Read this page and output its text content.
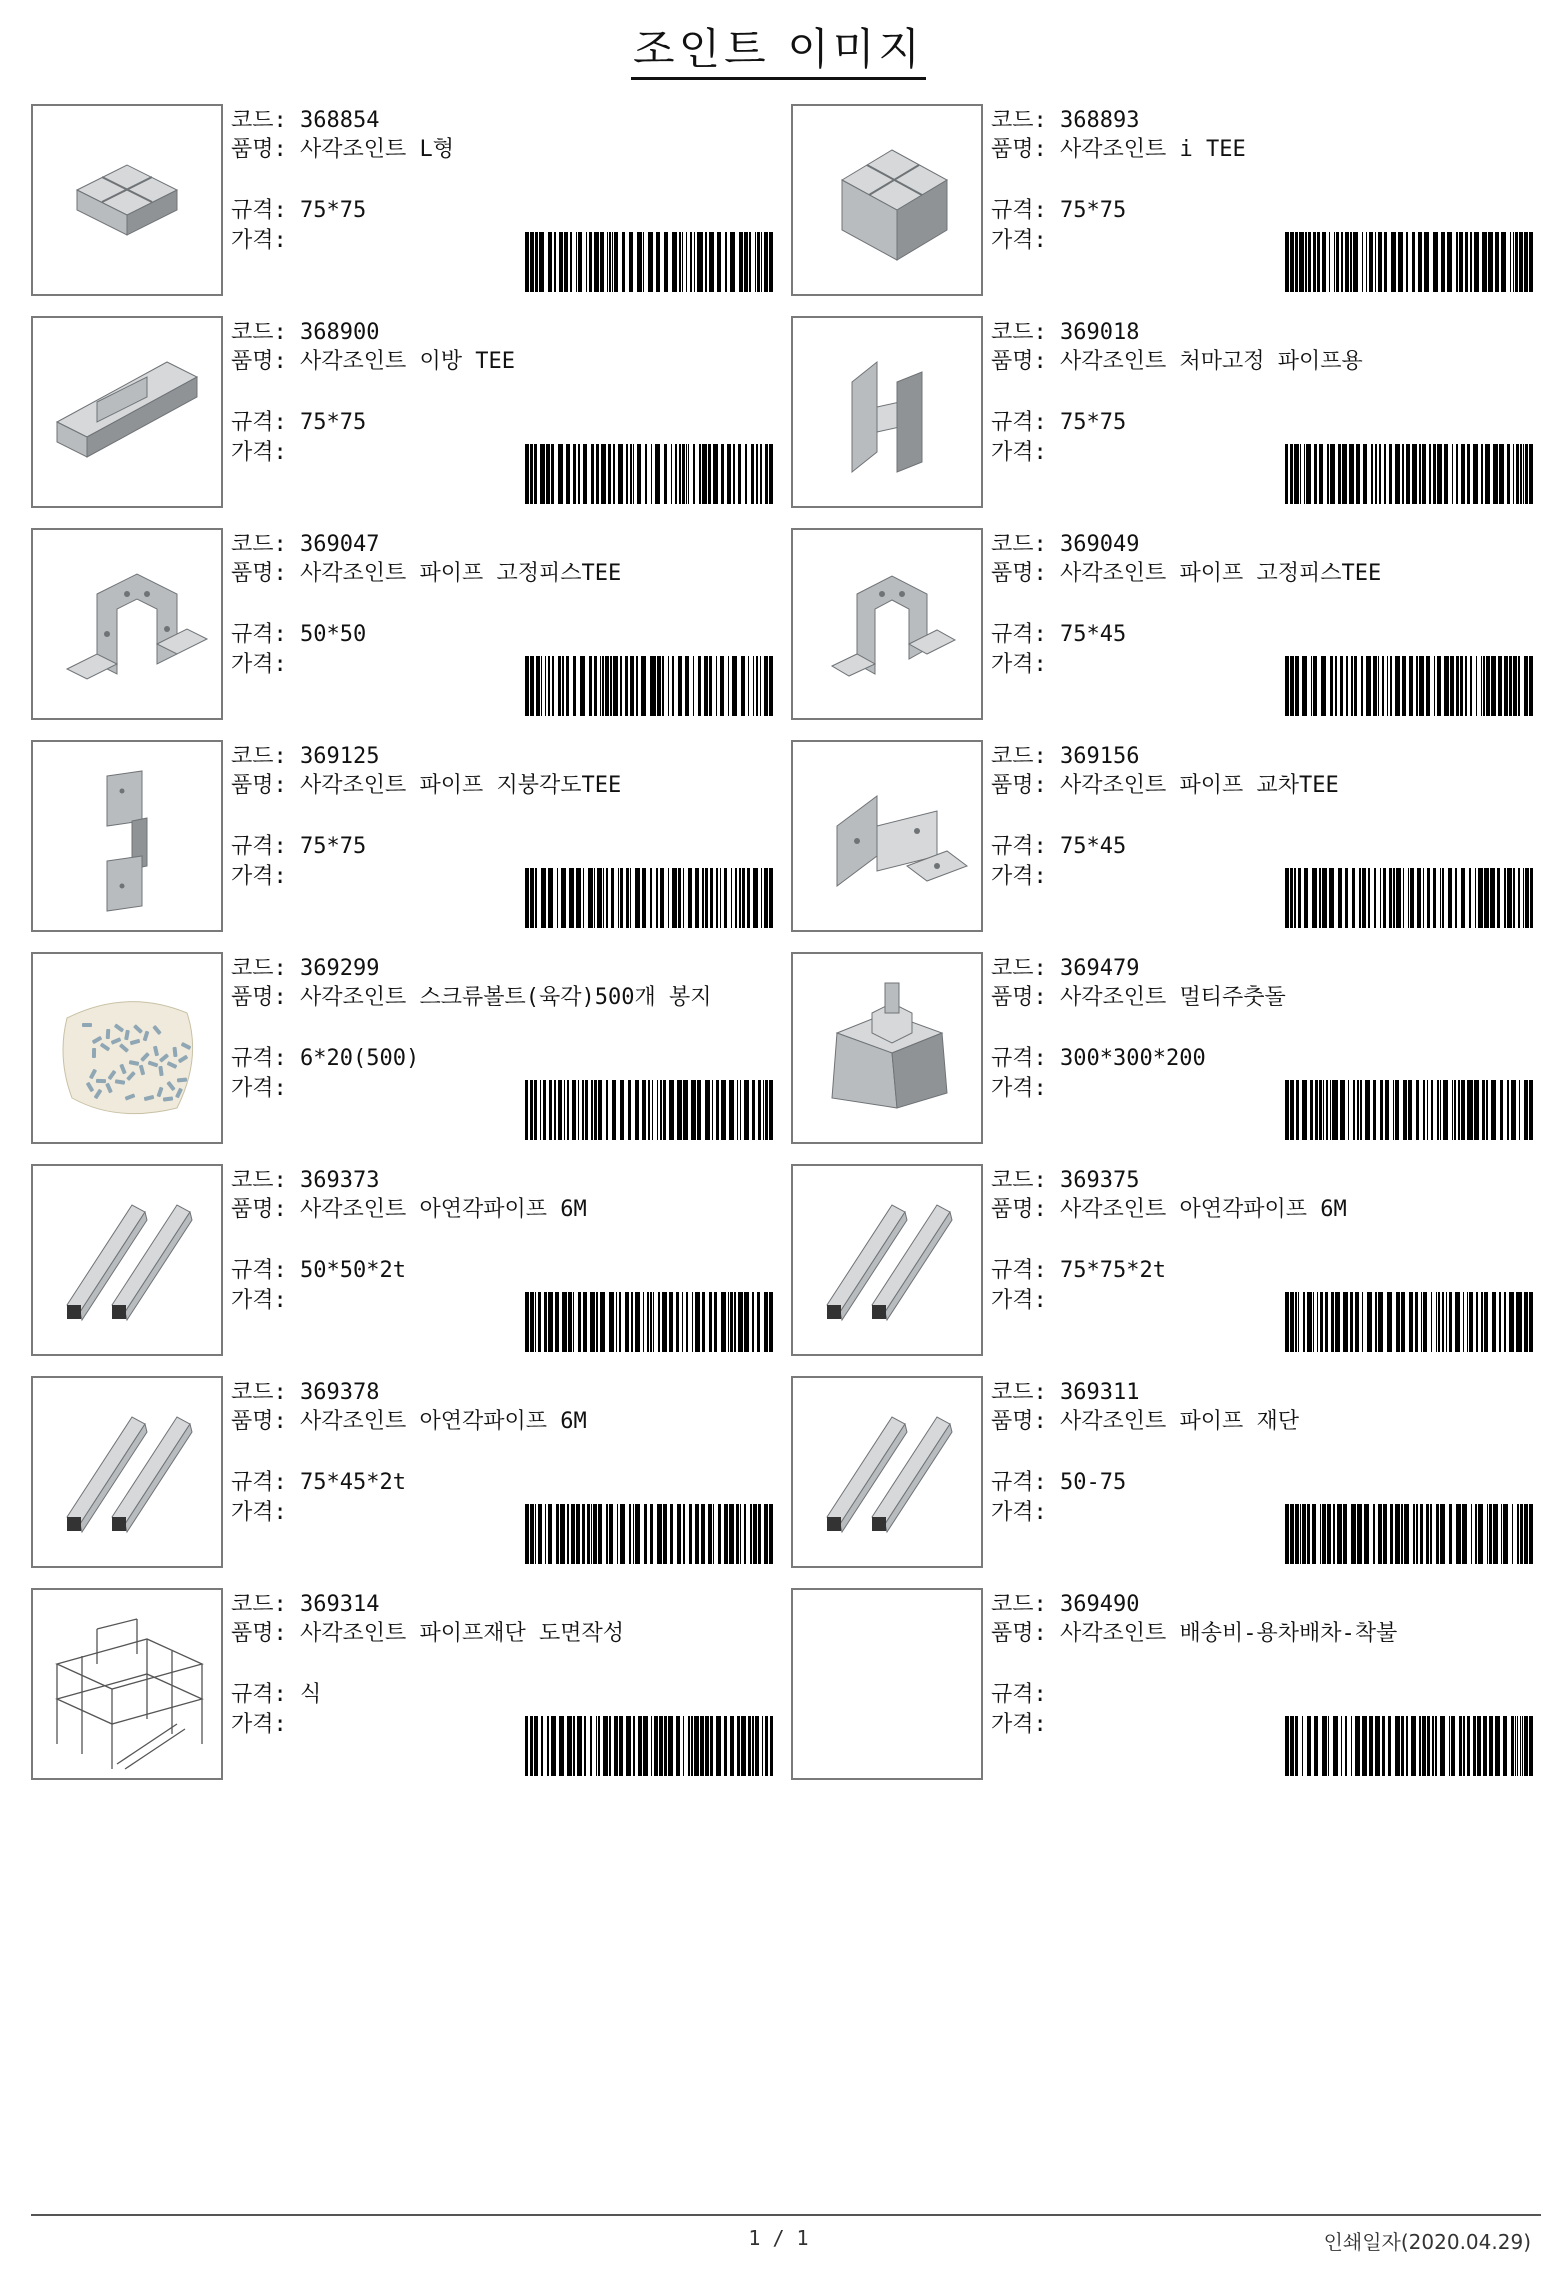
조인트 이미지
코드: 368854
품명: 사각조인트 L형
규격: 75*75
가격:
코드: 368893
품명: 사각조인트 i TEE
규격: 75*75
가격:
코드: 368900
품명: 사각조인트 이방 TEE
규격: 75*75
가격:
코드: 369018
품명: 사각조인트 처마고정 파이프용
규격: 75*75
가격:
코드: 369047
품명: 사각조인트 파이프 고정피스TEE
규격: 50*50
가격:
코드: 369049
품명: 사각조인트 파이프 고정피스TEE
규격: 75*45
가격:
코드: 369125
품명: 사각조인트 파이프 지붕각도TEE
규격: 75*75
가격:
코드: 369156
품명: 사각조인트 파이프 교차TEE
규격: 75*45
가격:
코드: 369299
품명: 사각조인트 스크류볼트(육각)500개 봉지
규격: 6*20(500)
가격:
코드: 369479
품명: 사각조인트 멀티주춧돌
규격: 300*300*200
가격:
코드: 369373
품명: 사각조인트 아연각파이프 6M
규격: 50*50*2t
가격:
코드: 369375
품명: 사각조인트 아연각파이프 6M
규격: 75*75*2t
가격:
코드: 369378
품명: 사각조인트 아연각파이프 6M
규격: 75*45*2t
가격:
코드: 369311
품명: 사각조인트 파이프 재단
규격: 50-75
가격:
코드: 369314
품명: 사각조인트 파이프재단 도면작성
규격: 식
가격:
코드: 369490
품명: 사각조인트 배송비-용차배차-착불
규격:
가격:
1 / 1	인쇄일자(2020.04.29)
